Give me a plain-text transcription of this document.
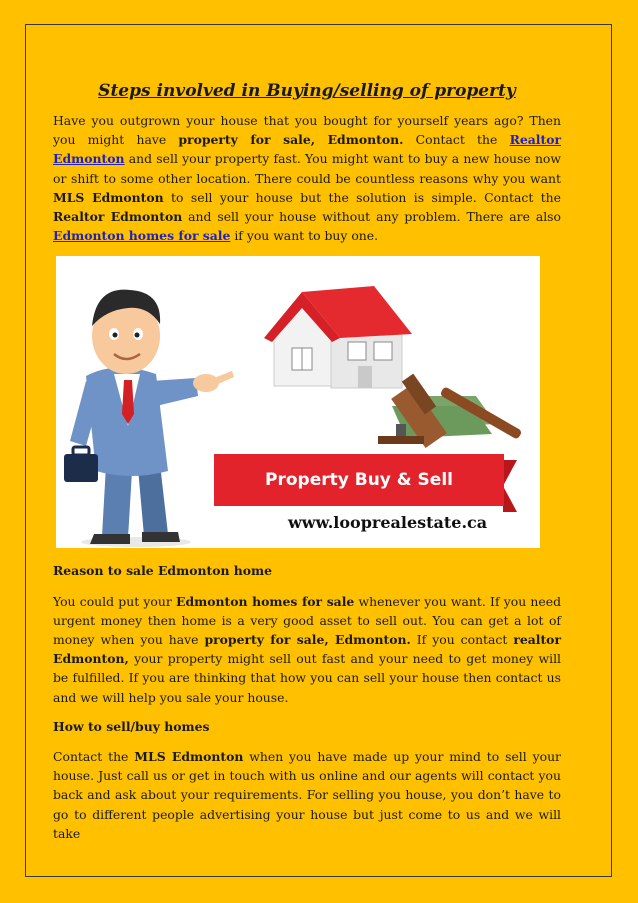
Steps involved in Buying/selling of property

Have you outgrown your house that you bought for yourself years ago? Then you might have property for sale, Edmonton. Contact the Realtor Edmonton and sell your property fast. You might want to buy a new house now or shift to some other location. There could be countless reasons why you want MLS Edmonton to sell your house but the solution is simple. Contact the Realtor Edmonton and sell your house without any problem. There are also Edmonton homes for sale if you want to buy one.

Property Buy & Sell
www.looprealestate.ca
Reason to sale Edmonton home

You could put your Edmonton homes for sale whenever you want. If you need urgent money then home is a very good asset to sell out. You can get a lot of money when you have property for sale, Edmonton. If you contact realtor Edmonton, your property might sell out fast and your need to get money will be fulfilled. If you are thinking that how you can sell your house then contact us and we will help you sale your house.

How to sell/buy homes

Contact the MLS Edmonton when you have made up your mind to sell your house. Just call us or get in touch with us online and our agents will contact you back and ask about your requirements. For selling you house, you don’t have to go to different people advertising your house but just come to us and we will take
